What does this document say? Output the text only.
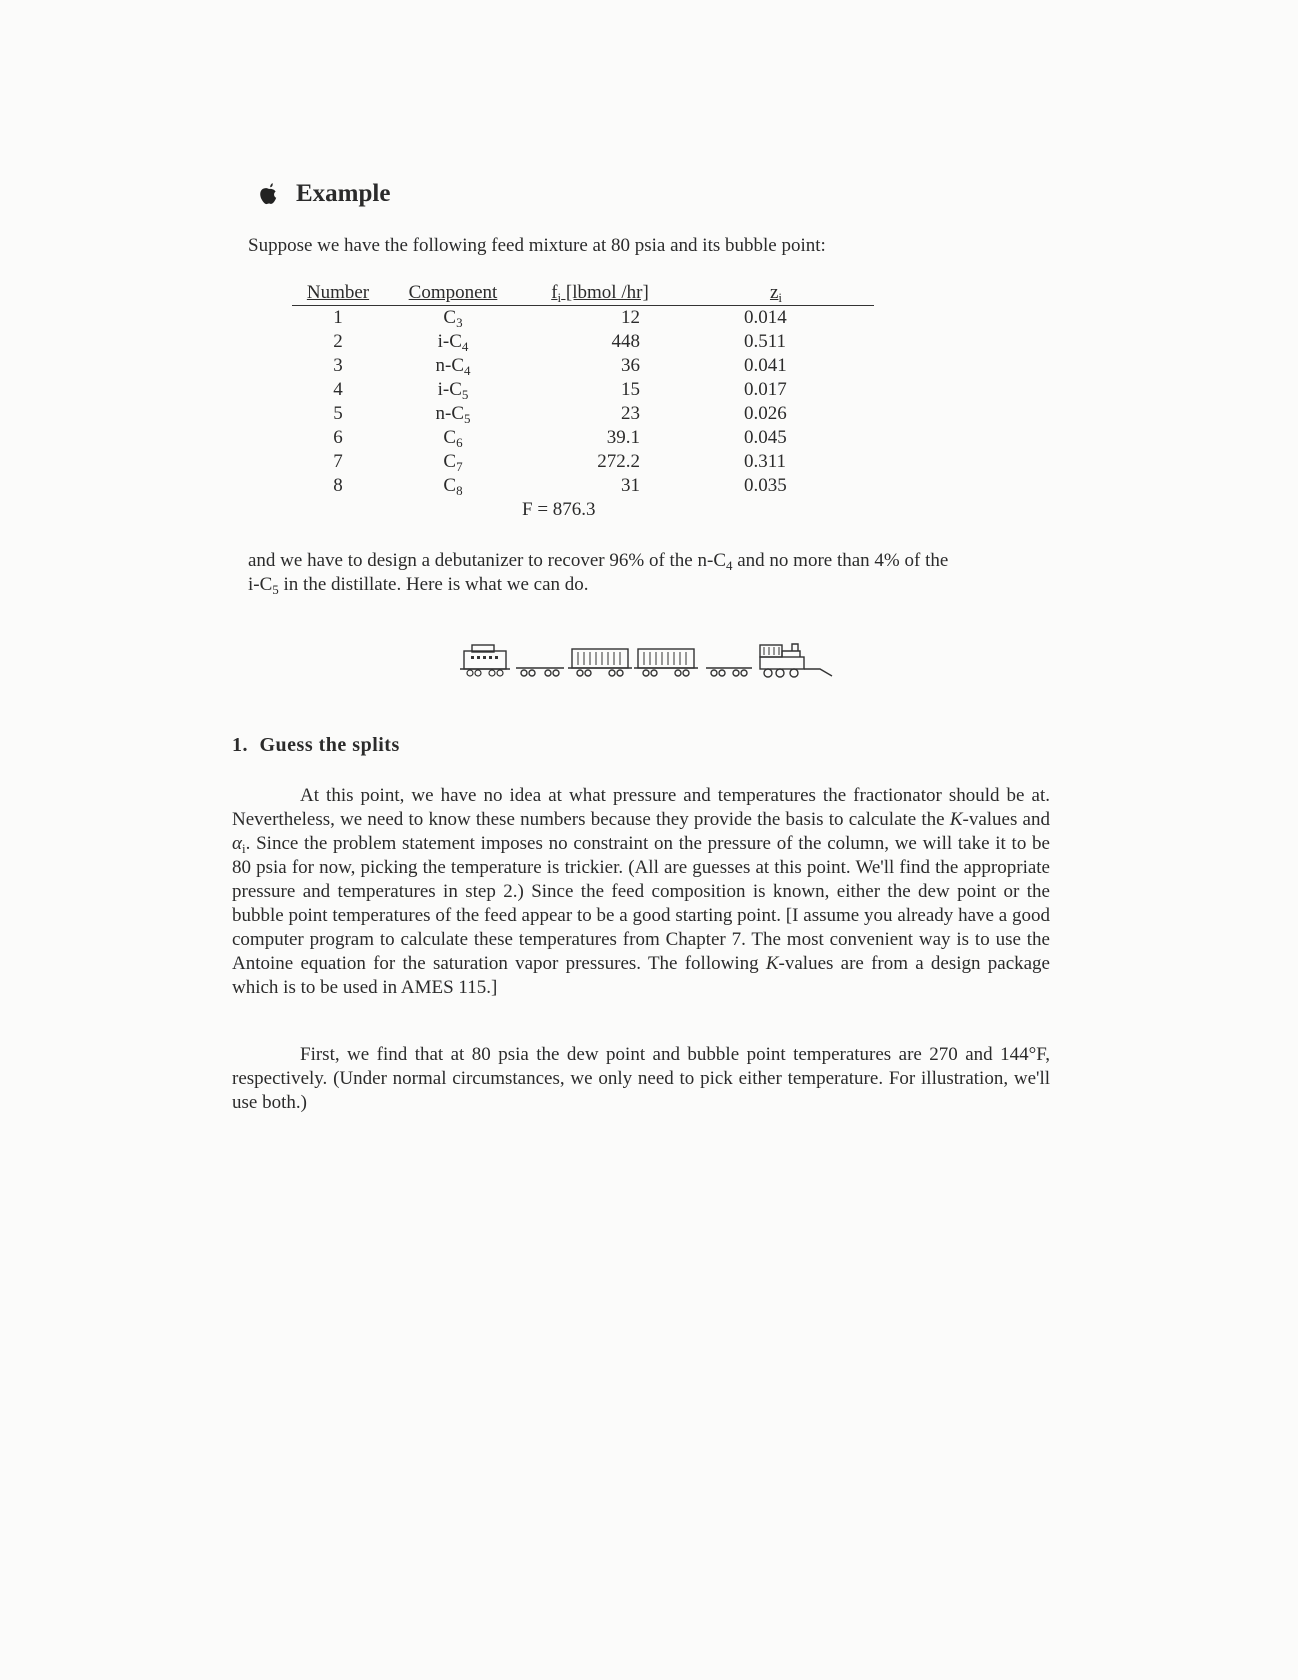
Example
Suppose we have the following feed mixture at 80 psia and its bubble point:
Number	Component	$f_i$ [lbmol /hr]	$z_i$
1	$C_3$	12	0.014
2	$i-C_4$	448	0.511
3	$n-C_4$	36	0.041
4	$i-C_5$	15	0.017
5	$n-C_5$	23	0.026
6	$C_6$	39.1	0.045
7	$C_7$	272.2	0.311
8	$C_8$	31	0.035
		F = 876.3	
and we have to design a debutanizer to recover 96% of the $n-C_4$ and no more than 4% of the
$i-C_5$ in the distillate. Here is what we can do.
1. Guess the splits

At this point, we have no idea at what pressure and temperatures the fractionator should be at. Nevertheless, we need to know these numbers because they provide the basis to calculate the K-values and $\alpha_i$. Since the problem statement imposes no constraint on the pressure of the column, we will take it to be 80 psia for now, picking the temperature is trickier. (All are guesses at this point. We'll find the appropriate pressure and temperatures in step 2.) Since the feed composition is known, either the dew point or the bubble point temperatures of the feed appear to be a good starting point. [I assume you already have a good computer program to calculate these temperatures from Chapter 7. The most convenient way is to use the Antoine equation for the saturation vapor pressures. The following K-values are from a design package which is to be used in AMES 115.]

First, we find that at 80 psia the dew point and bubble point temperatures are 270 and 144°F, respectively. (Under normal circumstances, we only need to pick either temperature. For illustration, we'll use both.)
